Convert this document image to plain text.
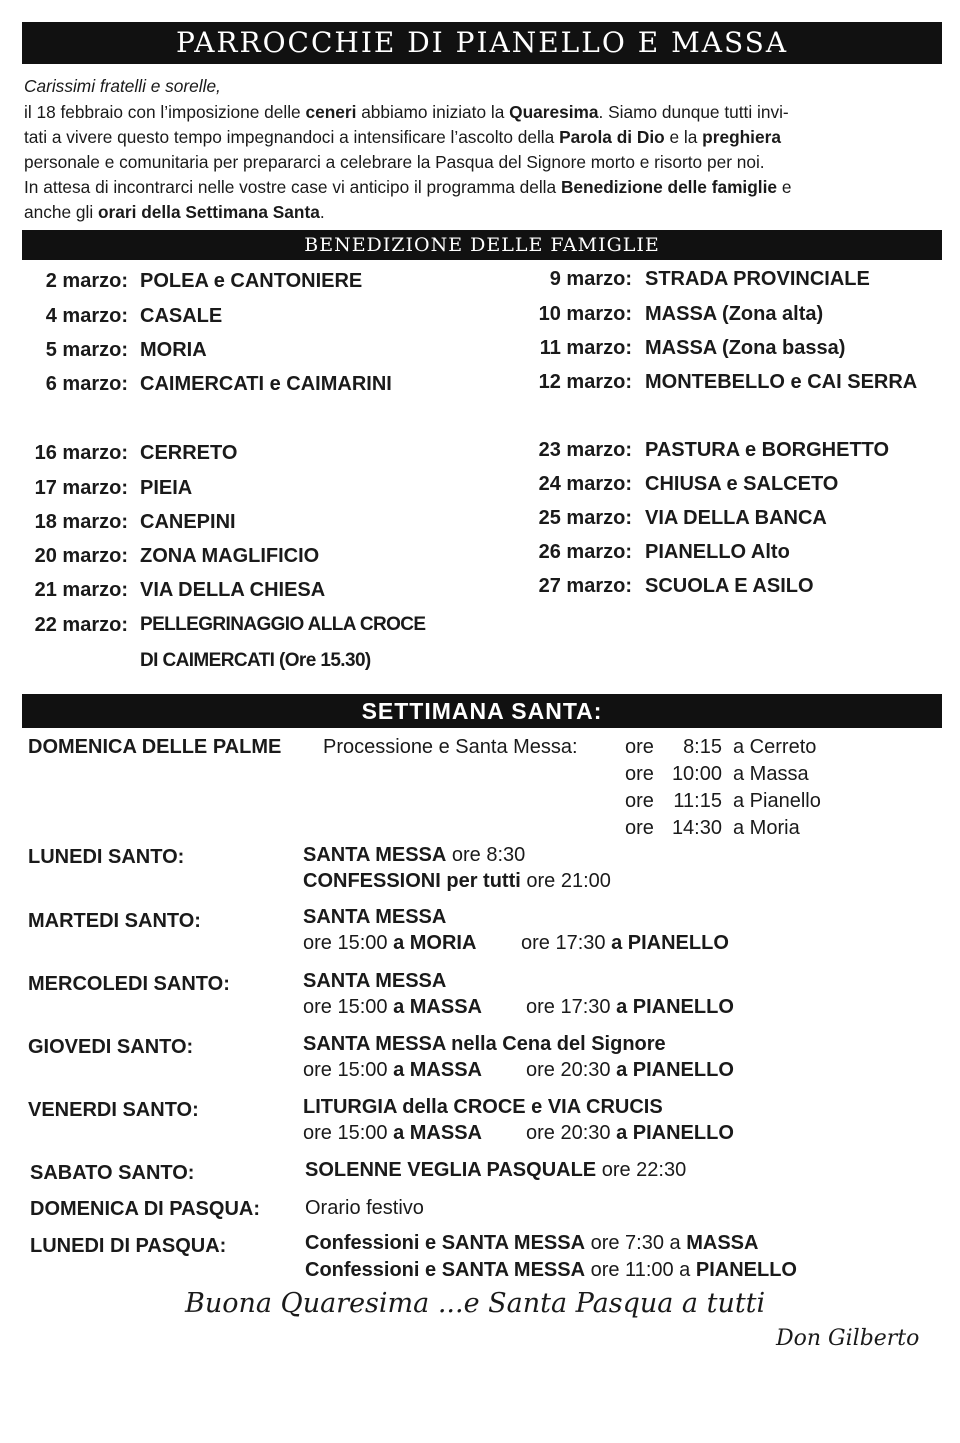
PARROCCHIE DI PIANELLO E MASSA
Carissimi fratelli e sorelle,
il 18 febbraio con l’imposizione delle ceneri abbiamo iniziato la Quaresima. Siamo dunque tutti invi-
tati a vivere questo tempo impegnandoci a intensificare l’ascolto della Parola di Dio e la preghiera
personale e comunitaria per prepararci a celebrare la Pasqua del Signore morto e risorto per noi.
In attesa di incontrarci nelle vostre case vi anticipo il programma della Benedizione delle famiglie e
anche gli orari della Settimana Santa.
BENEDIZIONE DELLE FAMIGLIE
2 marzo: POLEA e CANTONIERE
4 marzo: CASALE
5 marzo: MORIA
6 marzo: CAIMERCATI e CAIMARINI
16 marzo: CERRETO
17 marzo: PIEIA
18 marzo: CANEPINI
20 marzo: ZONA MAGLIFICIO
21 marzo: VIA DELLA CHIESA
22 marzo: PELLEGRINAGGIO ALLA CROCE
DI CAIMERCATI (Ore 15.30)
9 marzo: STRADA PROVINCIALE
10 marzo: MASSA (Zona alta)
11 marzo: MASSA (Zona bassa)
12 marzo: MONTEBELLO e CAI SERRA
23 marzo: PASTURA e BORGHETTO
24 marzo: CHIUSA e SALCETO
25 marzo: VIA DELLA BANCA
26 marzo: PIANELLO Alto
27 marzo: SCUOLA E ASILO
SETTIMANA SANTA:
DOMENICA DELLE PALME Processione e Santa Messa: ore	8:15 a Cerreto
ore 10:00 a Massa
ore 11:15 a Pianello
ore 14:30 a Moria
LUNEDI SANTO:	SANTA MESSA ore 8:30
CONFESSIONI per tutti ore 21:00
MARTEDI SANTO:	SANTA MESSA
ore 15:00 a MORIA ore 17:30 a PIANELLO
MERCOLEDI SANTO:	SANTA MESSA
ore 15:00 a MASSA ore 17:30 a PIANELLO
GIOVEDI SANTO:	SANTA MESSA nella Cena del Signore
ore 15:00 a MASSA ore 20:30 a PIANELLO
VENERDI SANTO:	LITURGIA della CROCE e VIA CRUCIS
ore 15:00 a MASSA ore 20:30 a PIANELLO
SABATO SANTO:	SOLENNE VEGLIA PASQUALE ore 22:30
DOMENICA DI PASQUA: Orario festivo
LUNEDI DI PASQUA:	Confessioni e SANTA MESSA ore 7:30 a MASSA
Confessioni e SANTA MESSA ore 11:00 a PIANELLO
Buona Quaresima ...e Santa Pasqua a tutti
Don Gilberto
